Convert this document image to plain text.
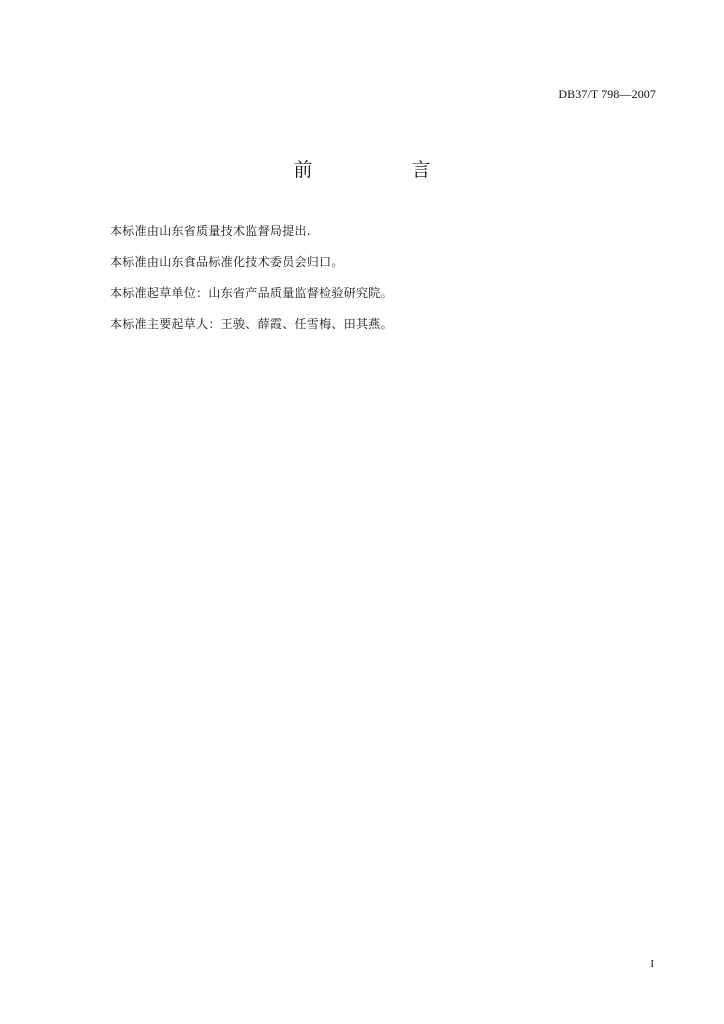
DB37/T 798—2007
前　言
本标准由山东省质量技术监督局提出.
本标准由山东食品标准化技术委员会归口。
本标准起草单位：山东省产品质量监督检验研究院。
本标准主要起草人：王骏、薛霞、任雪梅、田其燕。
I
